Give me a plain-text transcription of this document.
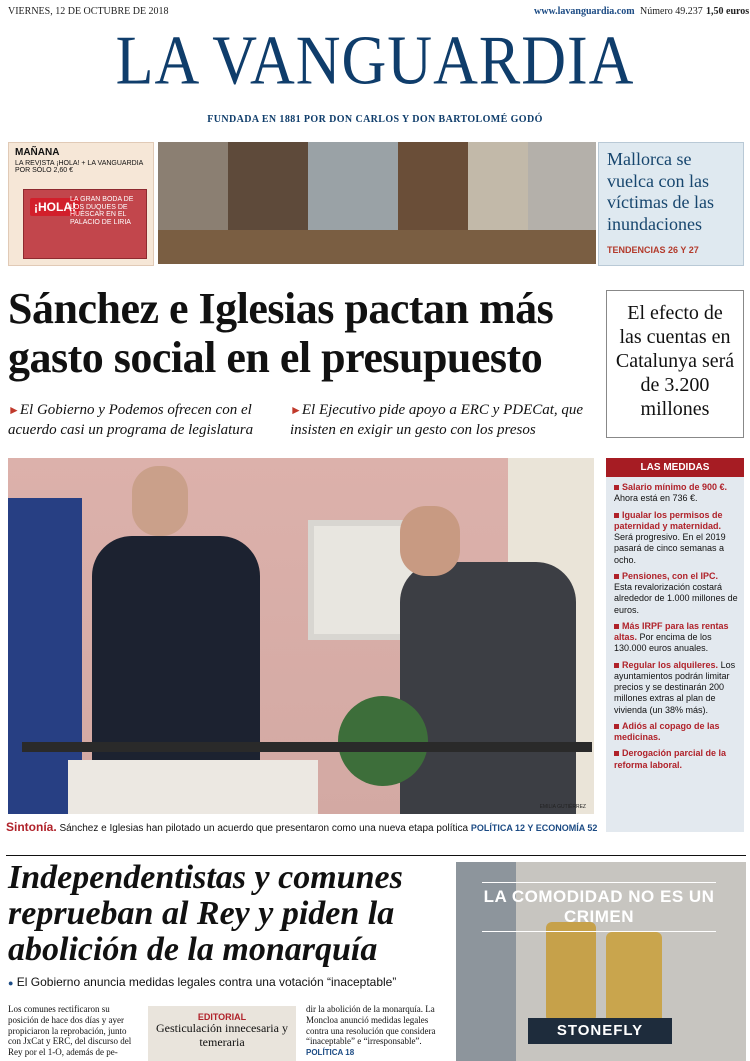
VIERNES, 12 DE OCTUBRE DE 2018	www.lavanguardia.com Número 49.237 1,50 euros
LA VANGUARDIA
FUNDADA EN 1881 POR DON CARLOS Y DON BARTOLOMÉ GODÓ
MAÑANA
LA REVISTA ¡HOLA! + LA VANGUARDIA POR SÓLO 2,60 €
¡HOLA!
LA GRAN BODA DE LOS DUQUES DE HUÉSCAR EN EL PALACIO DE LIRIA
Mallorca se vuelca con las víctimas de las inundaciones
TENDENCIAS 26 Y 27
Sánchez e Iglesias pactan más gasto social en el presupuesto
►El Gobierno y Podemos ofrecen con el acuerdo casi un programa de legislatura
►El Ejecutivo pide apoyo a ERC y PDECat, que insisten en exigir un gesto con los presos
El efecto de las cuentas en Catalunya será de 3.200 millones
EMILIA GUTIÉRREZ
LAS MEDIDAS
Salario mínimo de 900 €. Ahora está en 736 €.
Igualar los permisos de paternidad y maternidad. Será progresivo. En el 2019 pasará de cinco semanas a ocho.
Pensiones, con el IPC. Esta revalorización costará alrededor de 1.000 millones de euros.
Más IRPF para las rentas altas. Por encima de los 130.000 euros anuales.
Regular los alquileres. Los ayuntamientos podrán limitar precios y se destinarán 200 millones extras al plan de vivienda (un 38% más).
Adiós al copago de las medicinas.
Derogación parcial de la reforma laboral.
Sintonía. Sánchez e Iglesias han pilotado un acuerdo que presentaron como una nueva etapa política POLÍTICA 12 Y ECONOMÍA 52
Independentistas y comunes reprueban al Rey y piden la abolición de la monarquía
● El Gobierno anuncia medidas legales contra una votación “inaceptable”
Los comunes rectificaron su posición de hace dos días y ayer propiciaron la reprobación, junto con JxCat y ERC, del discurso del Rey por el 1-O, además de pe-
EDITORIAL
Gesticulación innecesaria y temeraria
dir la abolición de la monarquía. La Moncloa anunció medidas legales contra una resolución que considera “inaceptable” e “irresponsable”. POLÍTICA 18
LA COMODIDAD NO ES UN CRIMEN
STONEFLY
